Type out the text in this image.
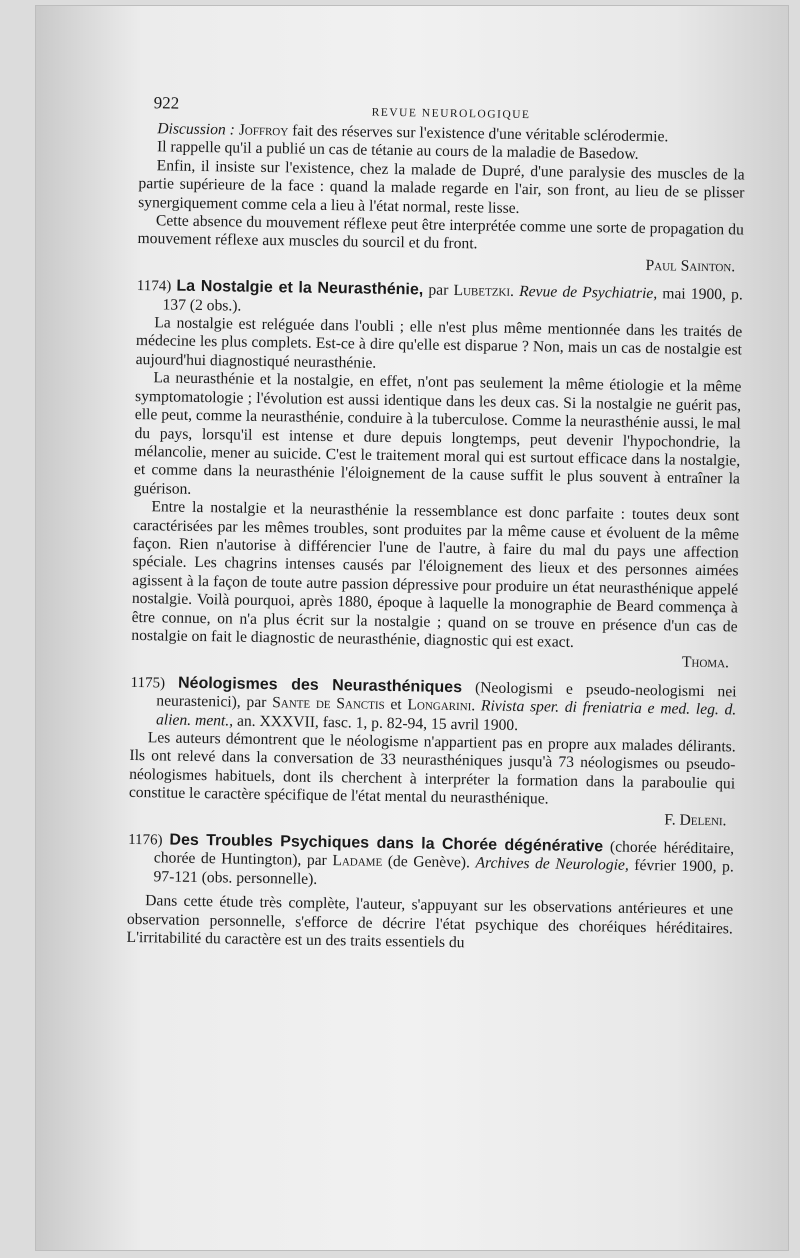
922
REVUE NEUROLOGIQUE

Discussion : Joffroy fait des réserves sur l'existence d'une véritable sclérodermie.

Il rappelle qu'il a publié un cas de tétanie au cours de la maladie de Basedow.

Enfin, il insiste sur l'existence, chez la malade de Dupré, d'une paralysie des muscles de la partie supérieure de la face : quand la malade regarde en l'air, son front, au lieu de se plisser synergiquement comme cela a lieu à l'état normal, reste lisse.

Cette absence du mouvement réflexe peut être interprétée comme une sorte de propagation du mouvement réflexe aux muscles du sourcil et du front.

Paul Sainton.

1174) La Nostalgie et la Neurasthénie, par Lubetzki. Revue de Psychiatrie, mai 1900, p. 137 (2 obs.).

La nostalgie est reléguée dans l'oubli ; elle n'est plus même mentionnée dans les traités de médecine les plus complets. Est-ce à dire qu'elle est disparue ? Non, mais un cas de nostalgie est aujourd'hui diagnostiqué neurasthénie.

La neurasthénie et la nostalgie, en effet, n'ont pas seulement la même étiologie et la même symptomatologie ; l'évolution est aussi identique dans les deux cas. Si la nostalgie ne guérit pas, elle peut, comme la neurasthénie, conduire à la tuberculose. Comme la neurasthénie aussi, le mal du pays, lorsqu'il est intense et dure depuis longtemps, peut devenir l'hypochondrie, la mélancolie, mener au suicide. C'est le traitement moral qui est surtout efficace dans la nostalgie, et comme dans la neurasthénie l'éloignement de la cause suffit le plus souvent à entraîner la guérison.

Entre la nostalgie et la neurasthénie la ressemblance est donc parfaite : toutes deux sont caractérisées par les mêmes troubles, sont produites par la même cause et évoluent de la même façon. Rien n'autorise à différencier l'une de l'autre, à faire du mal du pays une affection spéciale. Les chagrins intenses causés par l'éloignement des lieux et des personnes aimées agissent à la façon de toute autre passion dépressive pour produire un état neurasthénique appelé nostalgie. Voilà pourquoi, après 1880, époque à laquelle la monographie de Beard commença à être connue, on n'a plus écrit sur la nostalgie ; quand on se trouve en présence d'un cas de nostalgie on fait le diagnostic de neurasthénie, diagnostic qui est exact.

Thoma.

1175) Néologismes des Neurasthéniques (Neologismi e pseudo-neologismi nei neurastenici), par Sante de Sanctis et Longarini. Rivista sper. di freniatria e med. leg. d. alien. ment., an. XXXVII, fasc. 1, p. 82-94, 15 avril 1900.

Les auteurs démontrent que le néologisme n'appartient pas en propre aux malades délirants. Ils ont relevé dans la conversation de 33 neurasthéniques jusqu'à 73 néologismes ou pseudo-néologismes habituels, dont ils cherchent à interpréter la formation dans la paraboulie qui constitue le caractère spécifique de l'état mental du neurasthénique.

F. Deleni.

1176) Des Troubles Psychiques dans la Chorée dégénérative (chorée héréditaire, chorée de Huntington), par Ladame (de Genève). Archives de Neurologie, février 1900, p. 97-121 (obs. personnelle).

Dans cette étude très complète, l'auteur, s'appuyant sur les observations antérieures et une observation personnelle, s'efforce de décrire l'état psychique des choréiques héréditaires. L'irritabilité du caractère est un des traits essentiels du
